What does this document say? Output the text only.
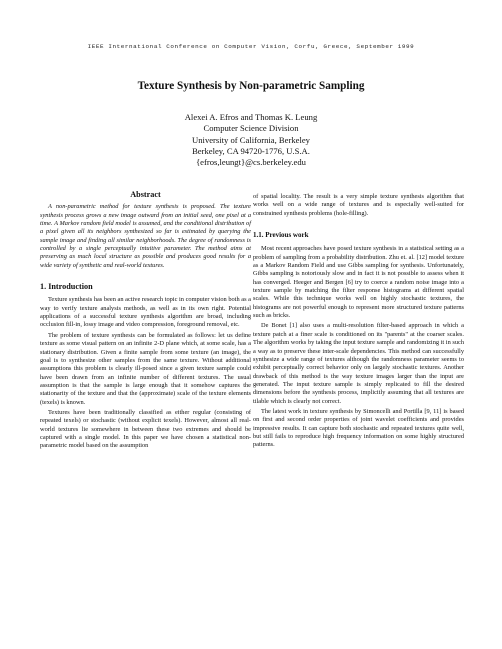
IEEE International Conference on Computer Vision, Corfu, Greece, September 1999
Texture Synthesis by Non-parametric Sampling
Alexei A. Efros and Thomas K. Leung
Computer Science Division
University of California, Berkeley
Berkeley, CA 94720-1776, U.S.A.
{efros,leungt}@cs.berkeley.edu
Abstract

A non-parametric method for texture synthesis is proposed. The texture synthesis process grows a new image outward from an initial seed, one pixel at a time. A Markov random field model is assumed, and the conditional distribution of a pixel given all its neighbors synthesized so far is estimated by querying the sample image and finding all similar neighborhoods. The degree of randomness is controlled by a single perceptually intuitive parameter. The method aims at preserving as much local structure as possible and produces good results for a wide variety of synthetic and real-world textures.

1. Introduction

Texture synthesis has been an active research topic in computer vision both as a way to verify texture analysis methods, as well as in its own right. Potential applications of a successful texture synthesis algorithm are broad, including occlusion fill-in, lossy image and video compression, foreground removal, etc.

The problem of texture synthesis can be formulated as follows: let us define texture as some visual pattern on an infinite 2-D plane which, at some scale, has a stationary distribution. Given a finite sample from some texture (an image), the goal is to synthesize other samples from the same texture. Without additional assumptions this problem is clearly ill-posed since a given texture sample could have been drawn from an infinite number of different textures. The usual assumption is that the sample is large enough that it somehow captures the stationarity of the texture and that the (approximate) scale of the texture elements (texels) is known.

Textures have been traditionally classified as either regular (consisting of repeated texels) or stochastic (without explicit texels). However, almost all real-world textures lie somewhere in between these two extremes and should be captured with a single model. In this paper we have chosen a statistical non-parametric model based on the assumption

of spatial locality. The result is a very simple texture synthesis algorithm that works well on a wide range of textures and is especially well-suited for constrained synthesis problems (hole-filling).

1.1. Previous work

Most recent approaches have posed texture synthesis in a statistical setting as a problem of sampling from a probability distribution. Zhu et. al. [12] model texture as a Markov Random Field and use Gibbs sampling for synthesis. Unfortunately, Gibbs sampling is notoriously slow and in fact it is not possible to assess when it has converged. Heeger and Bergen [6] try to coerce a random noise image into a texture sample by matching the filter response histograms at different spatial scales. While this technique works well on highly stochastic textures, the histograms are not powerful enough to represent more structured texture patterns such as bricks.

De Bonet [1] also uses a multi-resolution filter-based approach in which a texture patch at a finer scale is conditioned on its "parents" at the coarser scales. The algorithm works by taking the input texture sample and randomizing it in such a way as to preserve these inter-scale dependencies. This method can successfully synthesize a wide range of textures although the randomness parameter seems to exhibit perceptually correct behavior only on largely stochastic textures. Another drawback of this method is the way texture images larger than the input are generated. The input texture sample is simply replicated to fill the desired dimensions before the synthesis process, implicitly assuming that all textures are tilable which is clearly not correct.

The latest work in texture synthesis by Simoncelli and Portilla [9, 11] is based on first and second order properties of joint wavelet coefficients and provides impressive results. It can capture both stochastic and repeated textures quite well, but still fails to reproduce high frequency information on some highly structured patterns.
